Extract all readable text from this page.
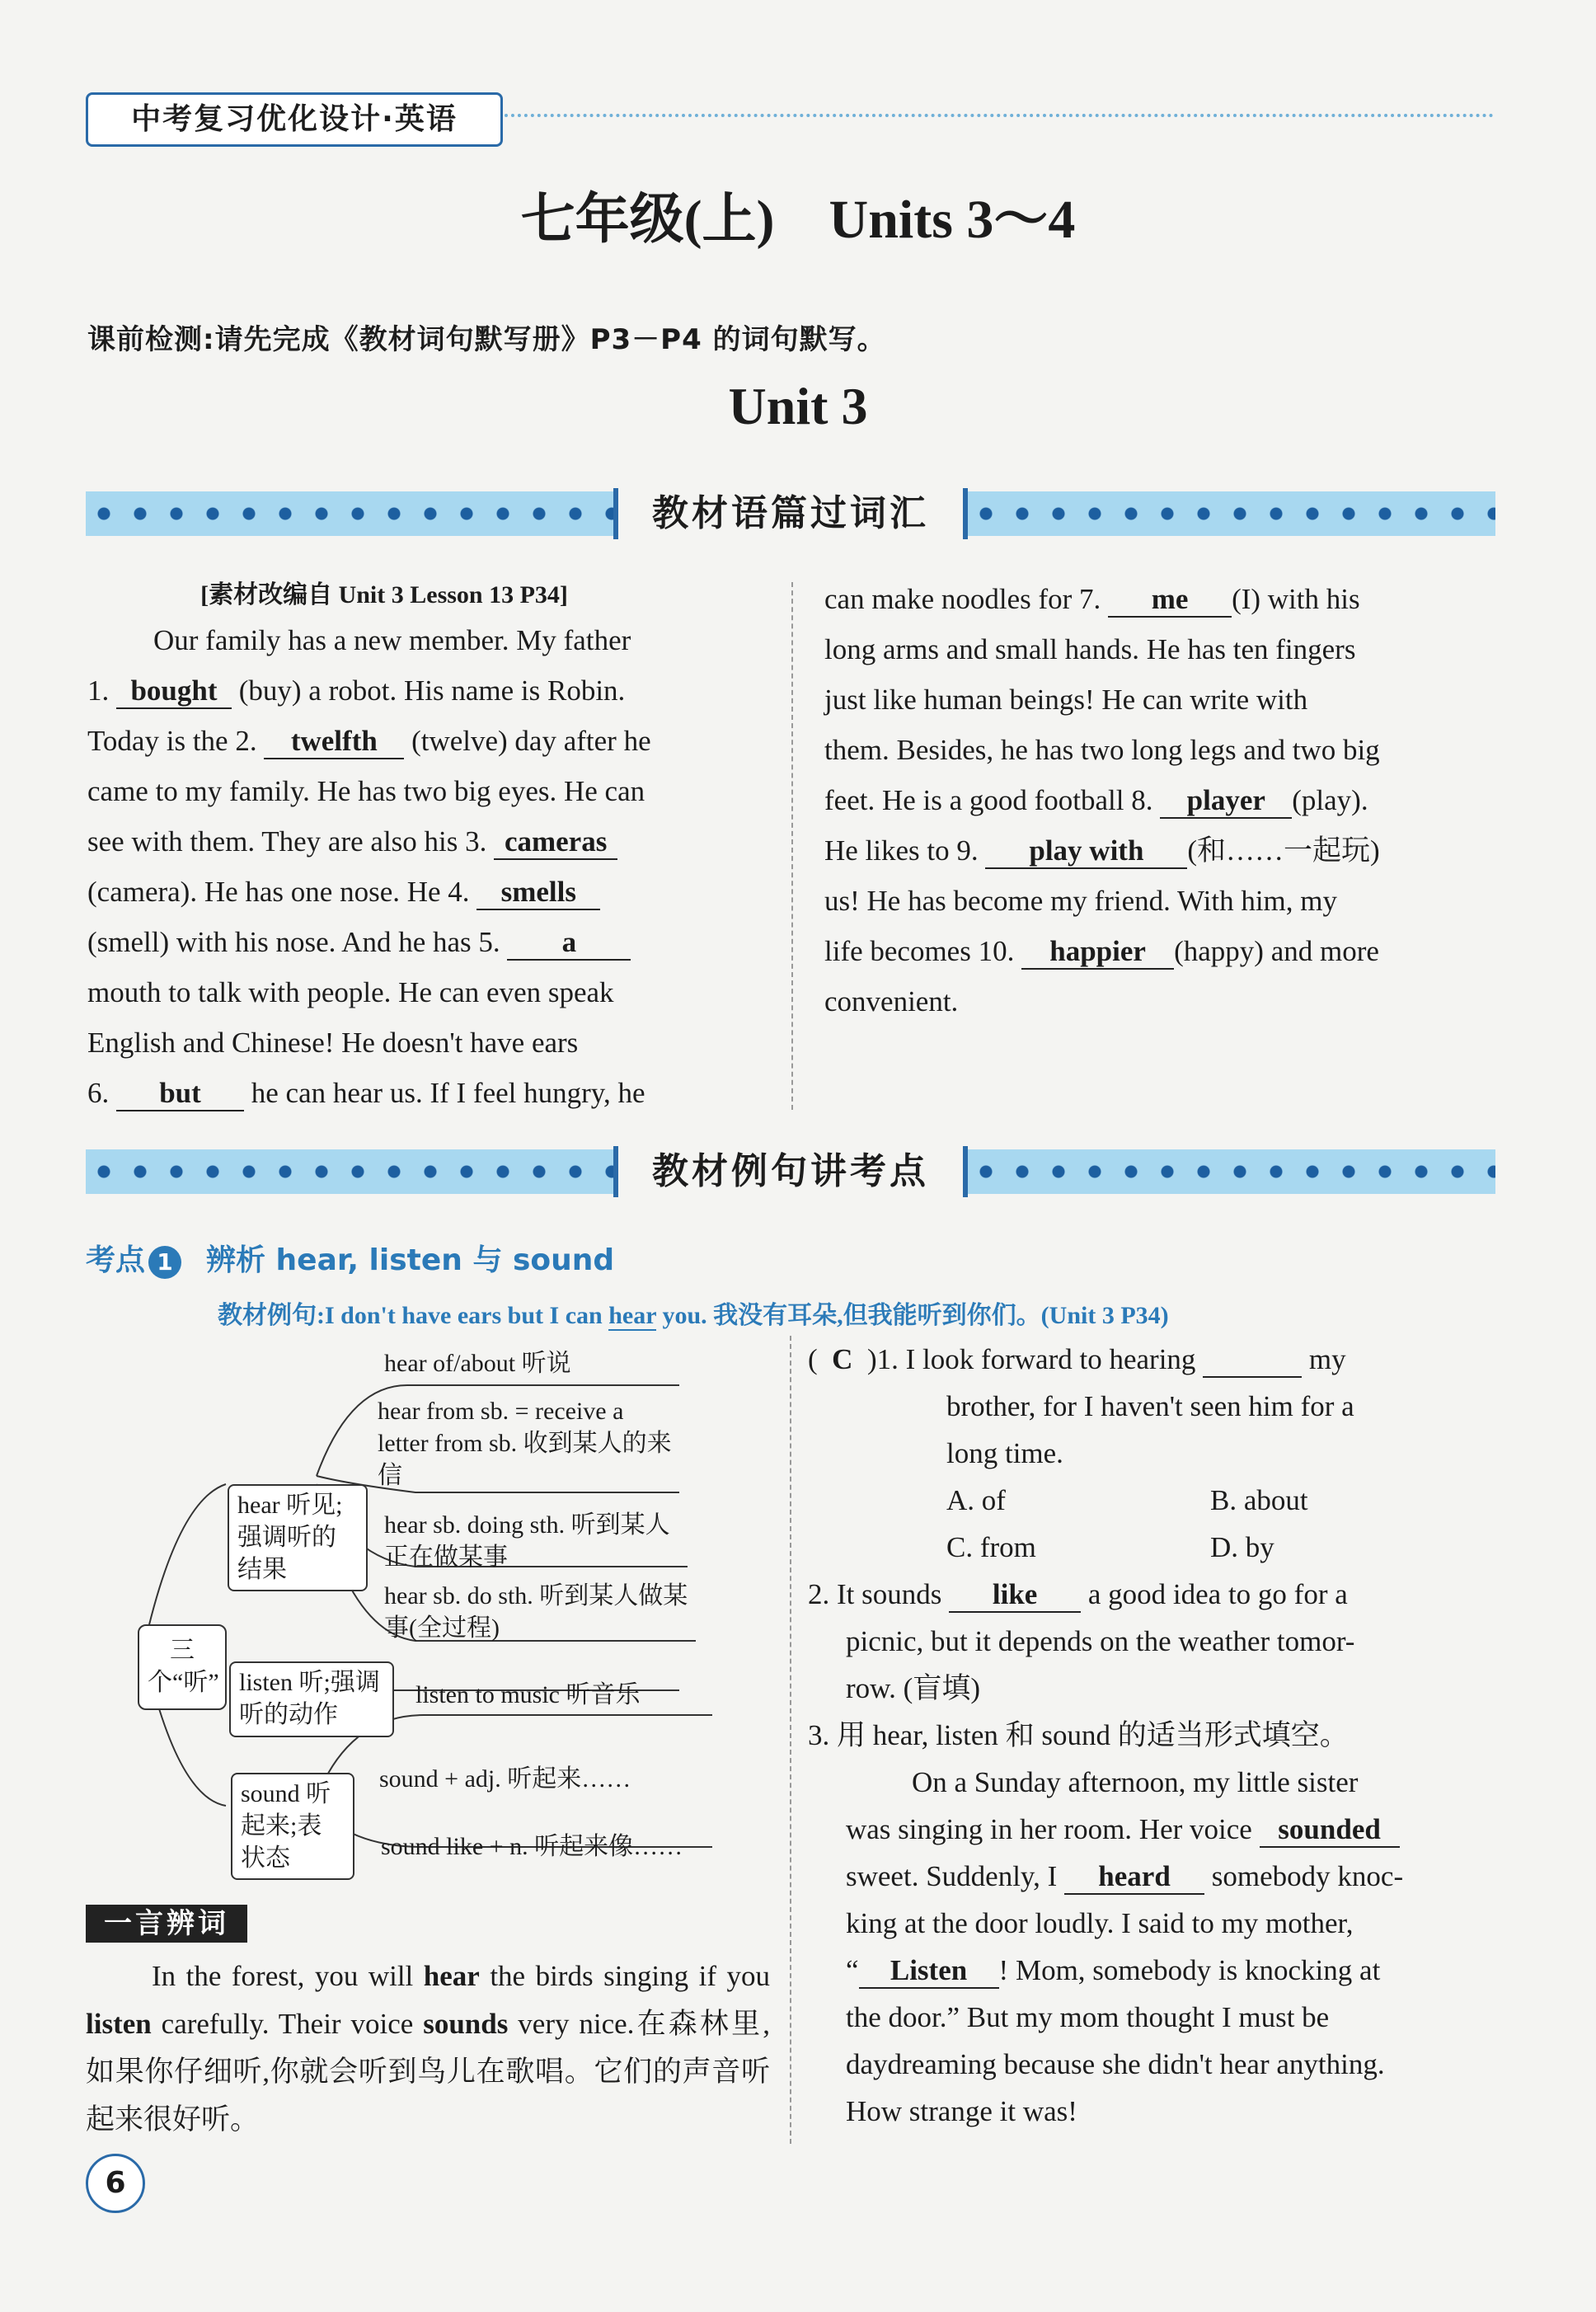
中考复习优化设计·英语
七年级(上)　Units 3～4
课前检测:请先完成《教材词句默写册》P3－P4 的词句默写。
Unit 3
教材语篇过词汇
[素材改编自 Unit 3 Lesson 13 P34]
Our family has a new member. My father
1. bought (buy) a robot. His name is Robin.
Today is the 2. twelfth (twelve) day after he
came to my family. He has two big eyes. He can
see with them. They are also his 3. cameras
(camera). He has one nose. He 4. smells
(smell) with his nose. And he has 5. a
mouth to talk with people. He can even speak
English and Chinese! He doesn't have ears
6. but he can hear us. If I feel hungry, he
can make noodles for 7. me (I) with his
long arms and small hands. He has ten fingers
just like human beings! He can write with
them. Besides, he has two long legs and two big
feet. He is a good football 8. player (play).
He likes to 9. play with (和……一起玩)
us! He has become my friend. With him, my
life becomes 10. happier (happy) and more
convenient.
教材例句讲考点
考点 1 辨析 hear, listen 与 sound
教材例句:I don't have ears but I can hear you. 我没有耳朵,但我能听到你们。(Unit 3 P34)
三个“听”
hear 听见;强调听的结果
listen 听;强调听的动作
sound 听起来;表状态
hear of/about 听说
hear from sb. = receive a letter from sb. 收到某人的来信
hear sb. doing sth. 听到某人正在做某事
hear sb. do sth. 听到某人做某事(全过程)
listen to music 听音乐
sound + adj. 听起来……
sound like + n. 听起来像……
一言辨词
In the forest, you will hear the birds singing if you listen carefully. Their voice sounds very nice.在森林里,如果你仔细听,你就会听到鸟儿在歌唱。它们的声音听起来很好听。
(  C )1. I look forward to hearing	my
brother, for I haven't seen him for a
long time.
A. of	B. about
C. from	D. by
2. It sounds like a good idea to go for a
picnic, but it depends on the weather tomor-
row. (盲填)
3. 用 hear, listen 和 sound 的适当形式填空。
On a Sunday afternoon, my little sister
was singing in her room. Her voice sounded
sweet. Suddenly, I heard somebody knoc-
king at the door loudly. I said to my mother,
“ Listen ! Mom, somebody is knocking at
the door.” But my mom thought I must be
daydreaming because she didn't hear anything.
How strange it was!
6
